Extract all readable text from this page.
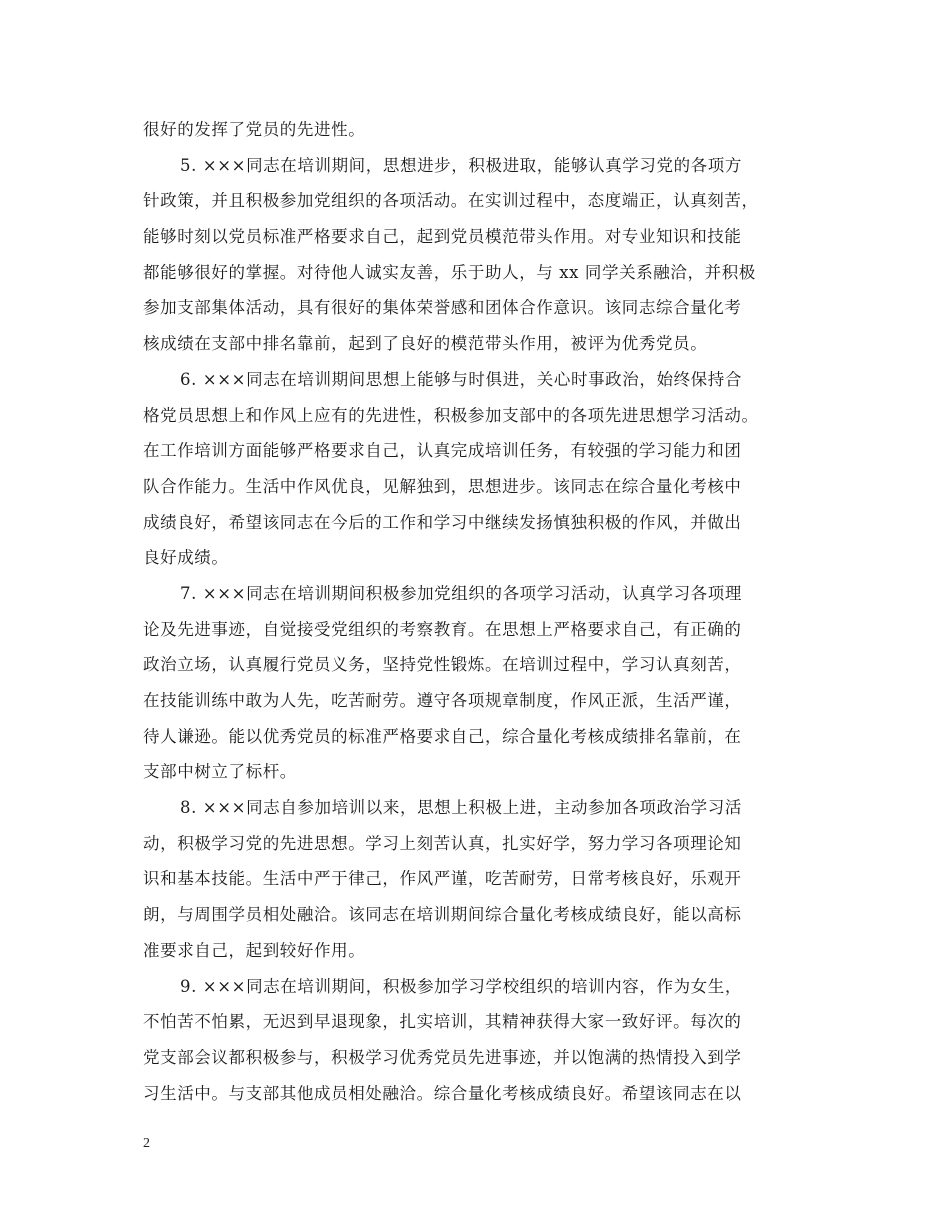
很好的发挥了党员的先进性。
5. ×××同志在培训期间，思想进步，积极进取，能够认真学习党的各项方
针政策，并且积极参加党组织的各项活动。在实训过程中，态度端正，认真刻苦，
能够时刻以党员标准严格要求自己，起到党员模范带头作用。对专业知识和技能
都能够很好的掌握。对待他人诚实友善，乐于助人，与 xx 同学关系融洽，并积极
参加支部集体活动，具有很好的集体荣誉感和团体合作意识。该同志综合量化考
核成绩在支部中排名靠前，起到了良好的模范带头作用，被评为优秀党员。
6. ×××同志在培训期间思想上能够与时俱进，关心时事政治，始终保持合
格党员思想上和作风上应有的先进性，积极参加支部中的各项先进思想学习活动。
在工作培训方面能够严格要求自己，认真完成培训任务，有较强的学习能力和团
队合作能力。生活中作风优良，见解独到，思想进步。该同志在综合量化考核中
成绩良好，希望该同志在今后的工作和学习中继续发扬慎独积极的作风，并做出
良好成绩。
7. ×××同志在培训期间积极参加党组织的各项学习活动，认真学习各项理
论及先进事迹，自觉接受党组织的考察教育。在思想上严格要求自己，有正确的
政治立场，认真履行党员义务，坚持党性锻炼。在培训过程中，学习认真刻苦，
在技能训练中敢为人先，吃苦耐劳。遵守各项规章制度，作风正派，生活严谨，
待人谦逊。能以优秀党员的标准严格要求自己，综合量化考核成绩排名靠前，在
支部中树立了标杆。
8. ×××同志自参加培训以来，思想上积极上进，主动参加各项政治学习活
动，积极学习党的先进思想。学习上刻苦认真，扎实好学，努力学习各项理论知
识和基本技能。生活中严于律己，作风严谨，吃苦耐劳，日常考核良好，乐观开
朗，与周围学员相处融洽。该同志在培训期间综合量化考核成绩良好，能以高标
准要求自己，起到较好作用。
9. ×××同志在培训期间，积极参加学习学校组织的培训内容，作为女生，
不怕苦不怕累，无迟到早退现象，扎实培训，其精神获得大家一致好评。每次的
党支部会议都积极参与，积极学习优秀党员先进事迹，并以饱满的热情投入到学
习生活中。与支部其他成员相处融洽。综合量化考核成绩良好。希望该同志在以
2
